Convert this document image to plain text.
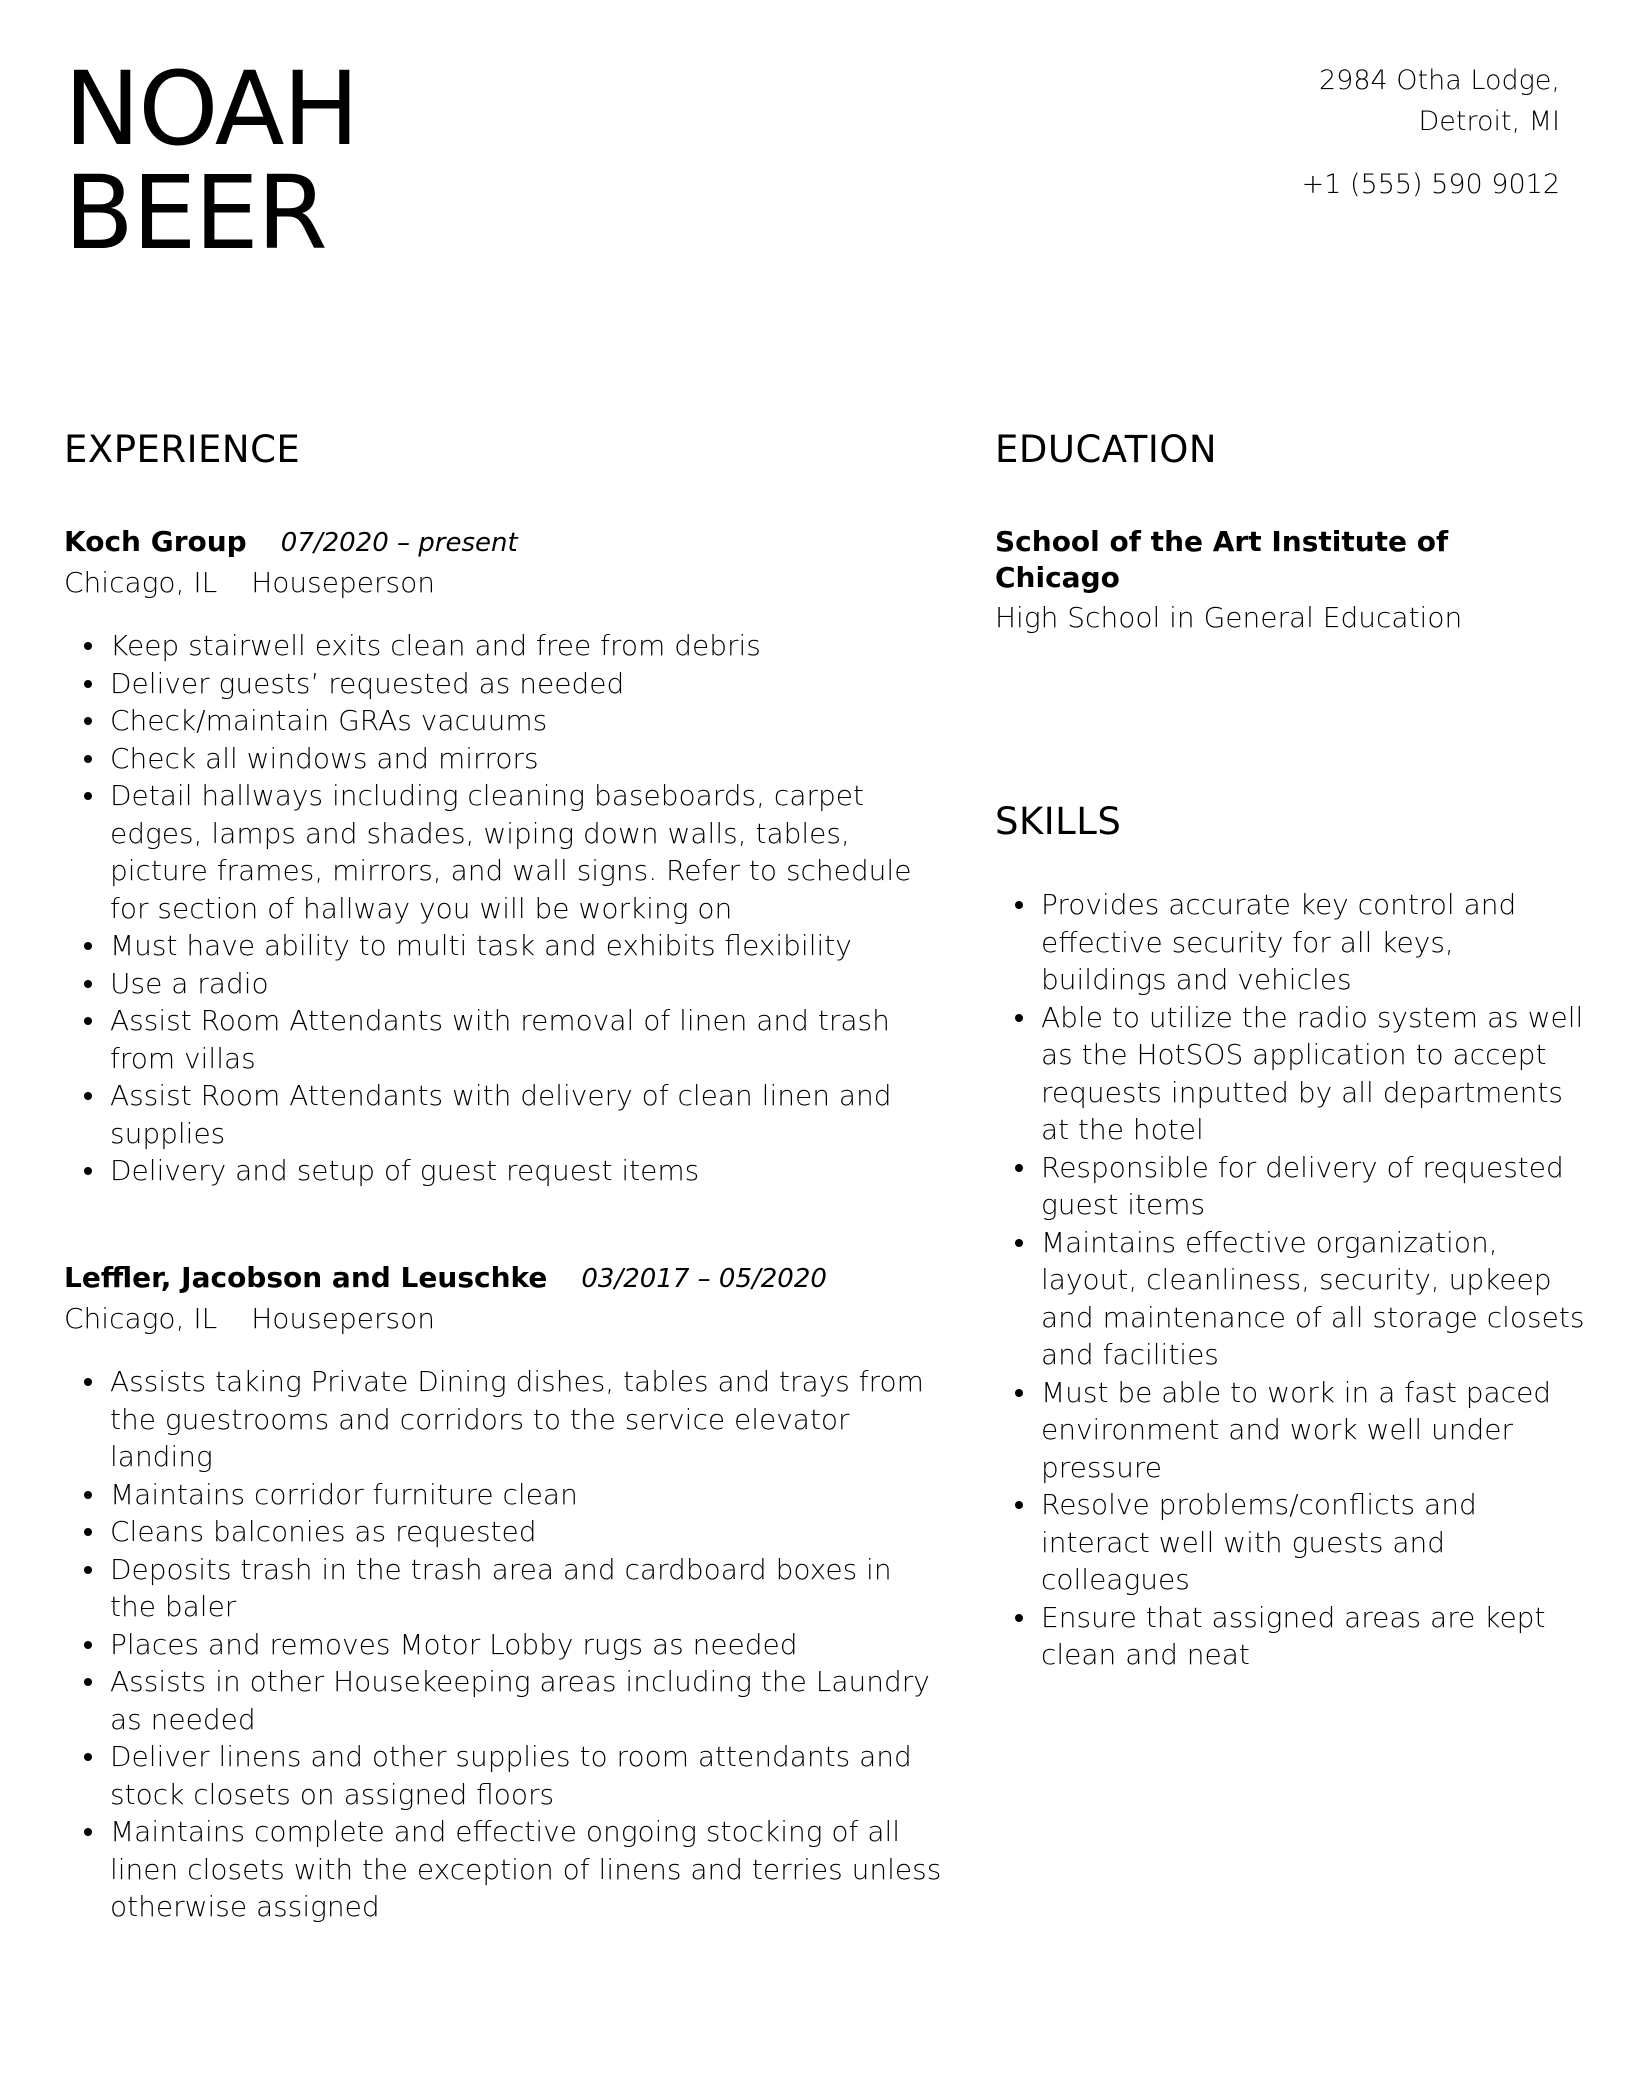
NOAH
BEER
2984 Otha Lodge,
Detroit, MI
+1 (555) 590 9012
EXPERIENCE
Koch Group 07/2020 – present
Chicago, IL Houseperson
Keep stairwell exits clean and free from debris
Deliver guests’ requested as needed
Check/maintain GRAs vacuums
Check all windows and mirrors
Detail hallways including cleaning baseboards, carpet edges, lamps and shades, wiping down walls, tables, picture frames, mirrors, and wall signs. Refer to schedule for section of hallway you will be working on
Must have ability to multi task and exhibits flexibility
Use a radio
Assist Room Attendants with removal of linen and trash from villas
Assist Room Attendants with delivery of clean linen and supplies
Delivery and setup of guest request items
Leffler, Jacobson and Leuschke 03/2017 – 05/2020
Chicago, IL Houseperson
Assists taking Private Dining dishes, tables and trays from the guestrooms and corridors to the service elevator landing
Maintains corridor furniture clean
Cleans balconies as requested
Deposits trash in the trash area and cardboard boxes in the baler
Places and removes Motor Lobby rugs as needed
Assists in other Housekeeping areas including the Laundry as needed
Deliver linens and other supplies to room attendants and stock closets on assigned floors
Maintains complete and effective ongoing stocking of all linen closets with the exception of linens and terries unless otherwise assigned
EDUCATION
School of the Art Institute of Chicago
High School in General Education
SKILLS
Provides accurate key control and effective security for all keys, buildings and vehicles
Able to utilize the radio system as well as the HotSOS application to accept requests inputted by all departments at the hotel
Responsible for delivery of requested guest items
Maintains effective organization, layout, cleanliness, security, upkeep and maintenance of all storage closets and facilities
Must be able to work in a fast paced environment and work well under pressure
Resolve problems/conflicts and interact well with guests and colleagues
Ensure that assigned areas are kept clean and neat
